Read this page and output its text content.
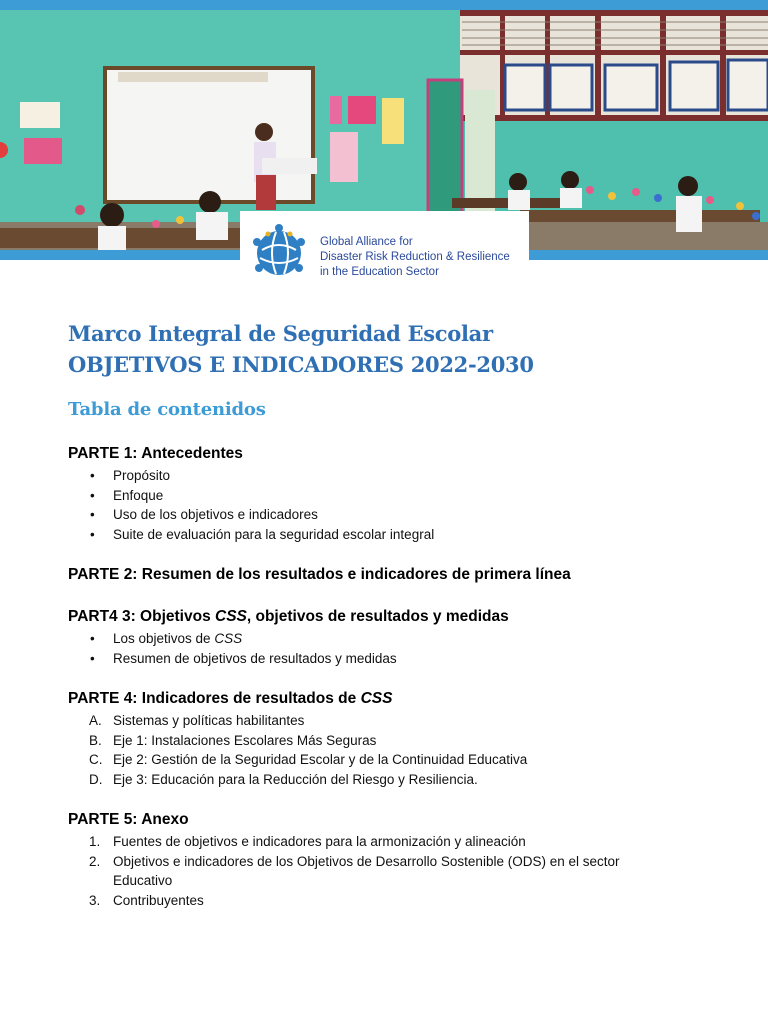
Global Alliance for
Disaster Risk Reduction & Resilience
in the Education Sector
Marco Integral de Seguridad Escolar
OBJETIVOS E INDICADORES 2022-2030
Tabla de contenidos
PARTE 1: Antecedentes
• Propósito
• Enfoque
• Uso de los objetivos e indicadores
• Suite de evaluación para la seguridad escolar integral
PARTE 2: Resumen de los resultados e indicadores de primera línea
PART4 3: Objetivos CSS, objetivos de resultados y medidas
• Los objetivos de CSS
• Resumen de objetivos de resultados y medidas
PARTE 4: Indicadores de resultados de CSS
A. Sistemas y políticas habilitantes
B. Eje 1: Instalaciones Escolares Más Seguras
C. Eje 2: Gestión de la Seguridad Escolar y de la Continuidad Educativa
D. Eje 3: Educación para la Reducción del Riesgo y Resiliencia.
PARTE 5: Anexo
1. Fuentes de objetivos e indicadores para la armonización y alineación
2. Objetivos e indicadores de los Objetivos de Desarrollo Sostenible (ODS) en el sector Educativo
3. Contribuyentes
